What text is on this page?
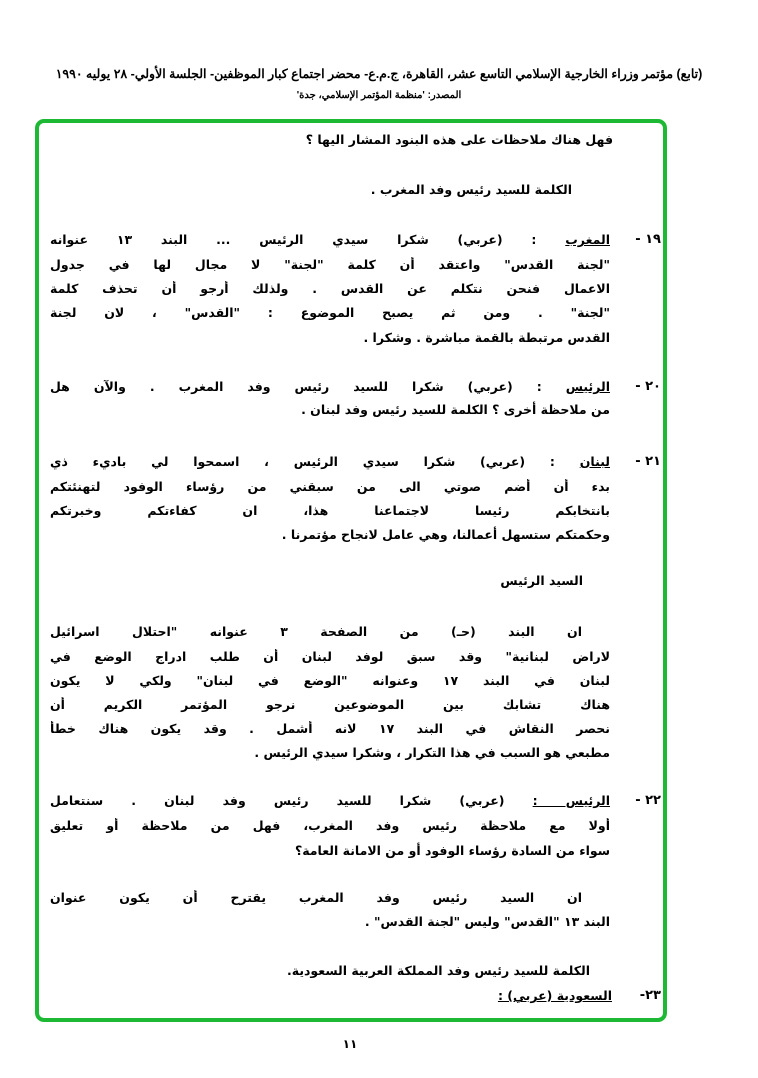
(تابع) مؤتمر وزراء الخارجية الإسلامي التاسع عشر، القاهرة، ج.م.ع- محضر اجتماع كبار الموظفين- الجلسة الأولي- ٢٨ يوليه ١٩٩٠
المصدر: 'منظمة المؤتمر الإسلامي، جدة'
فهل هناك ملاحظات على هذه البنود المشار اليها ؟
الكلمة للسيد رئيس وفد المغرب .
١٩ -
المغرب : (عربي) شكرا سيدي الرئيس ... البند ١٣ عنوانه
"لجنة القدس" واعتقد أن كلمة "لجنة" لا مجال لها في جدول
الاعمال فنحن نتكلم عن القدس . ولذلك أرجو أن تحذف كلمة
"لجنة" . ومن ثم يصبح الموضوع : "القدس" ، لان لجنة
القدس مرتبطة بالقمة مباشرة . وشكرا .
٢٠ -
الرئيس : (عربي) شكرا للسيد رئيس وفد المغرب . والآن هل
من ملاحظة أخرى ؟ الكلمة للسيد رئيس وفد لبنان .
٢١ -
لبنان : (عربي) شكرا سيدي الرئيس ، اسمحوا لي باديء ذي
بدء أن أضم صوتي الى من سبقني من رؤساء الوفود لتهنئتكم
بانتخابكم رئيسا لاجتماعنا هذا، ان كفاءتكم وخبرتكم
وحكمتكم ستسهل أعمالنا، وهي عامل لانجاح مؤتمرنا .
السيد الرئيس
ان البند (حـ) من الصفحة ٣ عنوانه "احتلال اسرائيل
لاراض لبنانية" وقد سبق لوفد لبنان أن طلب ادراج الوضع في
لبنان في البند ١٧ وعنوانه "الوضع في لبنان" ولكي لا يكون
هناك تشابك بين الموضوعين نرجو المؤتمر الكريم أن
نحصر النقاش في البند ١٧ لانه أشمل . وقد يكون هناك خطأ
مطبعي هو السبب في هذا التكرار ، وشكرا سيدي الرئيس .
٢٢ -
الرئيس : (عربي) شكرا للسيد رئيس وفد لبنان . سنتعامل
أولا مع ملاحظة رئيس وفد المغرب، فهل من ملاحظة أو تعليق
سواء من السادة رؤساء الوفود أو من الامانة العامة؟
ان السيد رئيس وفد المغرب يقترح أن يكون عنوان
البند ١٣ "القدس" وليس "لجنة القدس" .
الكلمة للسيد رئيس وفد المملكة العربية السعودية.
٢٣-
السعودية (عربي) :
١١
